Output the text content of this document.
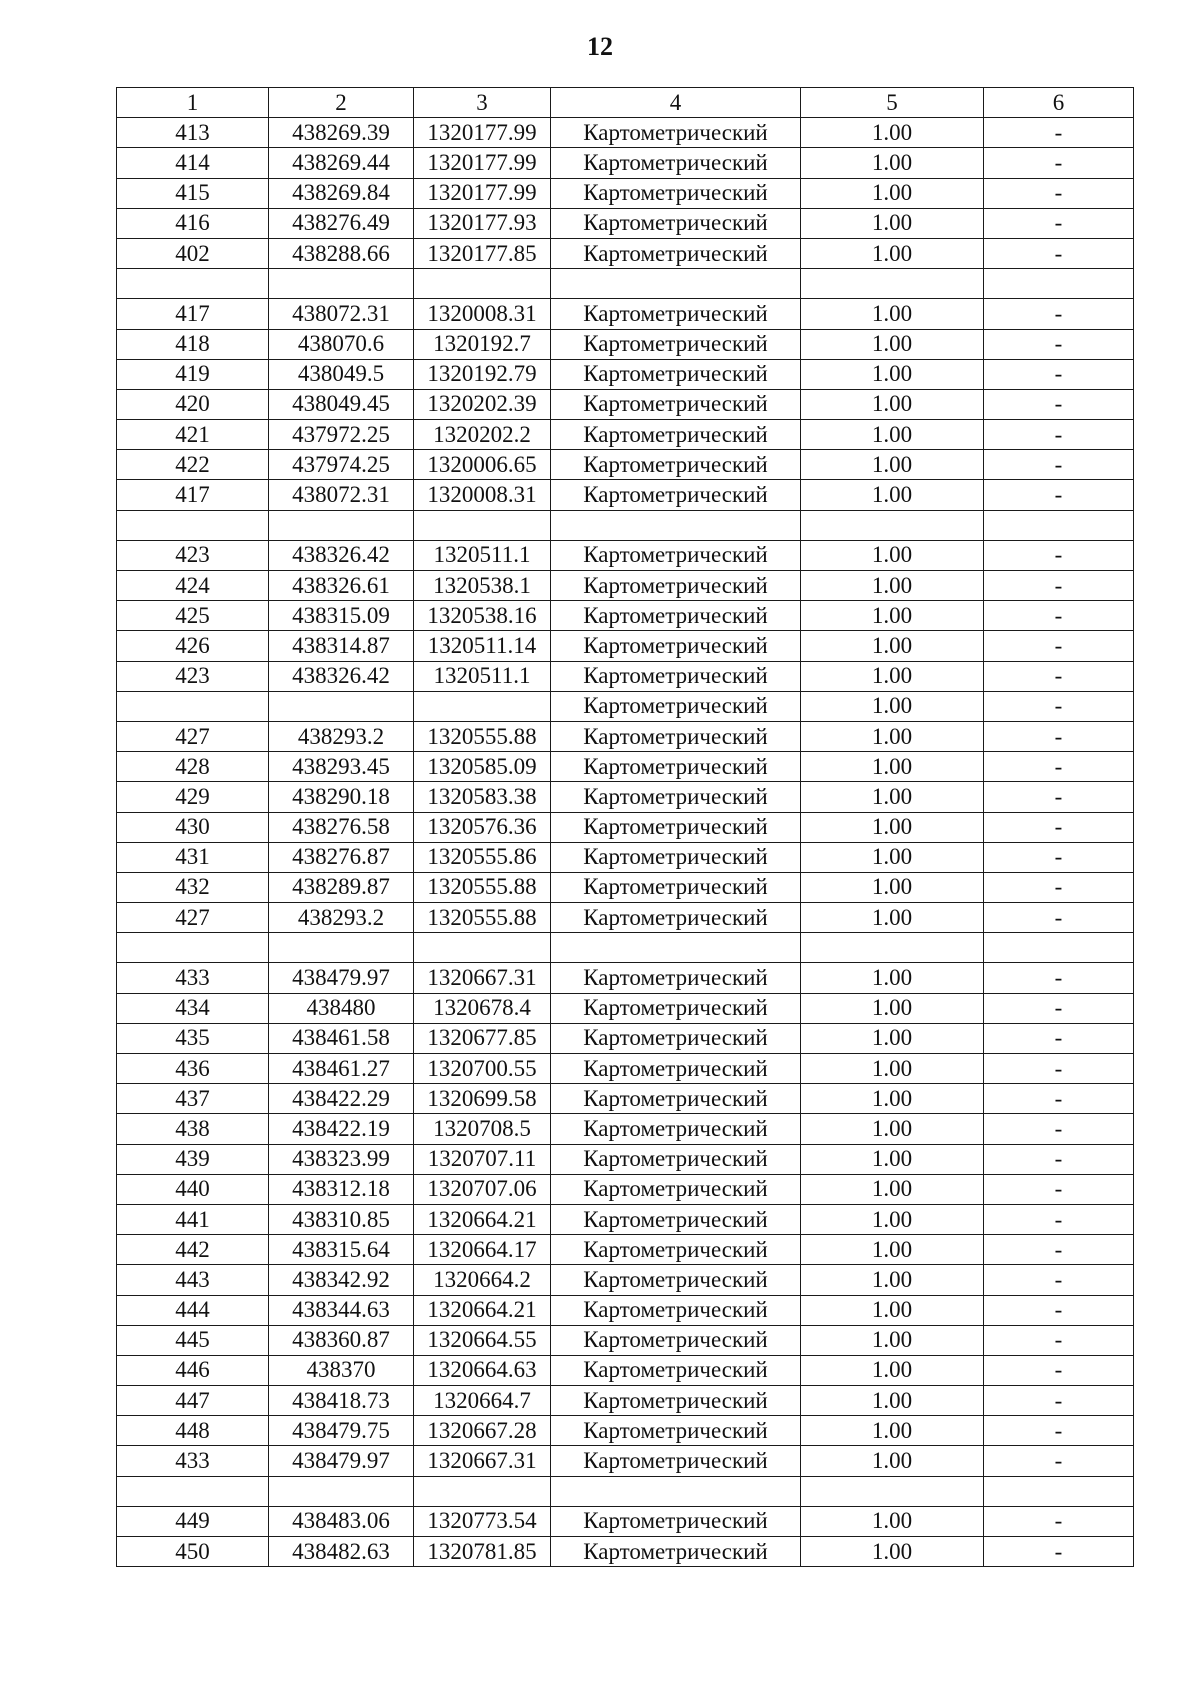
12
1	2	3	4	5	6
413	438269.39	1320177.99	Картометрический	1.00	-
414	438269.44	1320177.99	Картометрический	1.00	-
415	438269.84	1320177.99	Картометрический	1.00	-
416	438276.49	1320177.93	Картометрический	1.00	-
402	438288.66	1320177.85	Картометрический	1.00	-

417	438072.31	1320008.31	Картометрический	1.00	-
418	438070.6	1320192.7	Картометрический	1.00	-
419	438049.5	1320192.79	Картометрический	1.00	-
420	438049.45	1320202.39	Картометрический	1.00	-
421	437972.25	1320202.2	Картометрический	1.00	-
422	437974.25	1320006.65	Картометрический	1.00	-
417	438072.31	1320008.31	Картометрический	1.00	-

423	438326.42	1320511.1	Картометрический	1.00	-
424	438326.61	1320538.1	Картометрический	1.00	-
425	438315.09	1320538.16	Картометрический	1.00	-
426	438314.87	1320511.14	Картометрический	1.00	-
423	438326.42	1320511.1	Картометрический	1.00	-
			Картометрический	1.00	-
427	438293.2	1320555.88	Картометрический	1.00	-
428	438293.45	1320585.09	Картометрический	1.00	-
429	438290.18	1320583.38	Картометрический	1.00	-
430	438276.58	1320576.36	Картометрический	1.00	-
431	438276.87	1320555.86	Картометрический	1.00	-
432	438289.87	1320555.88	Картометрический	1.00	-
427	438293.2	1320555.88	Картометрический	1.00	-

433	438479.97	1320667.31	Картометрический	1.00	-
434	438480	1320678.4	Картометрический	1.00	-
435	438461.58	1320677.85	Картометрический	1.00	-
436	438461.27	1320700.55	Картометрический	1.00	-
437	438422.29	1320699.58	Картометрический	1.00	-
438	438422.19	1320708.5	Картометрический	1.00	-
439	438323.99	1320707.11	Картометрический	1.00	-
440	438312.18	1320707.06	Картометрический	1.00	-
441	438310.85	1320664.21	Картометрический	1.00	-
442	438315.64	1320664.17	Картометрический	1.00	-
443	438342.92	1320664.2	Картометрический	1.00	-
444	438344.63	1320664.21	Картометрический	1.00	-
445	438360.87	1320664.55	Картометрический	1.00	-
446	438370	1320664.63	Картометрический	1.00	-
447	438418.73	1320664.7	Картометрический	1.00	-
448	438479.75	1320667.28	Картометрический	1.00	-
433	438479.97	1320667.31	Картометрический	1.00	-

449	438483.06	1320773.54	Картометрический	1.00	-
450	438482.63	1320781.85	Картометрический	1.00	-
